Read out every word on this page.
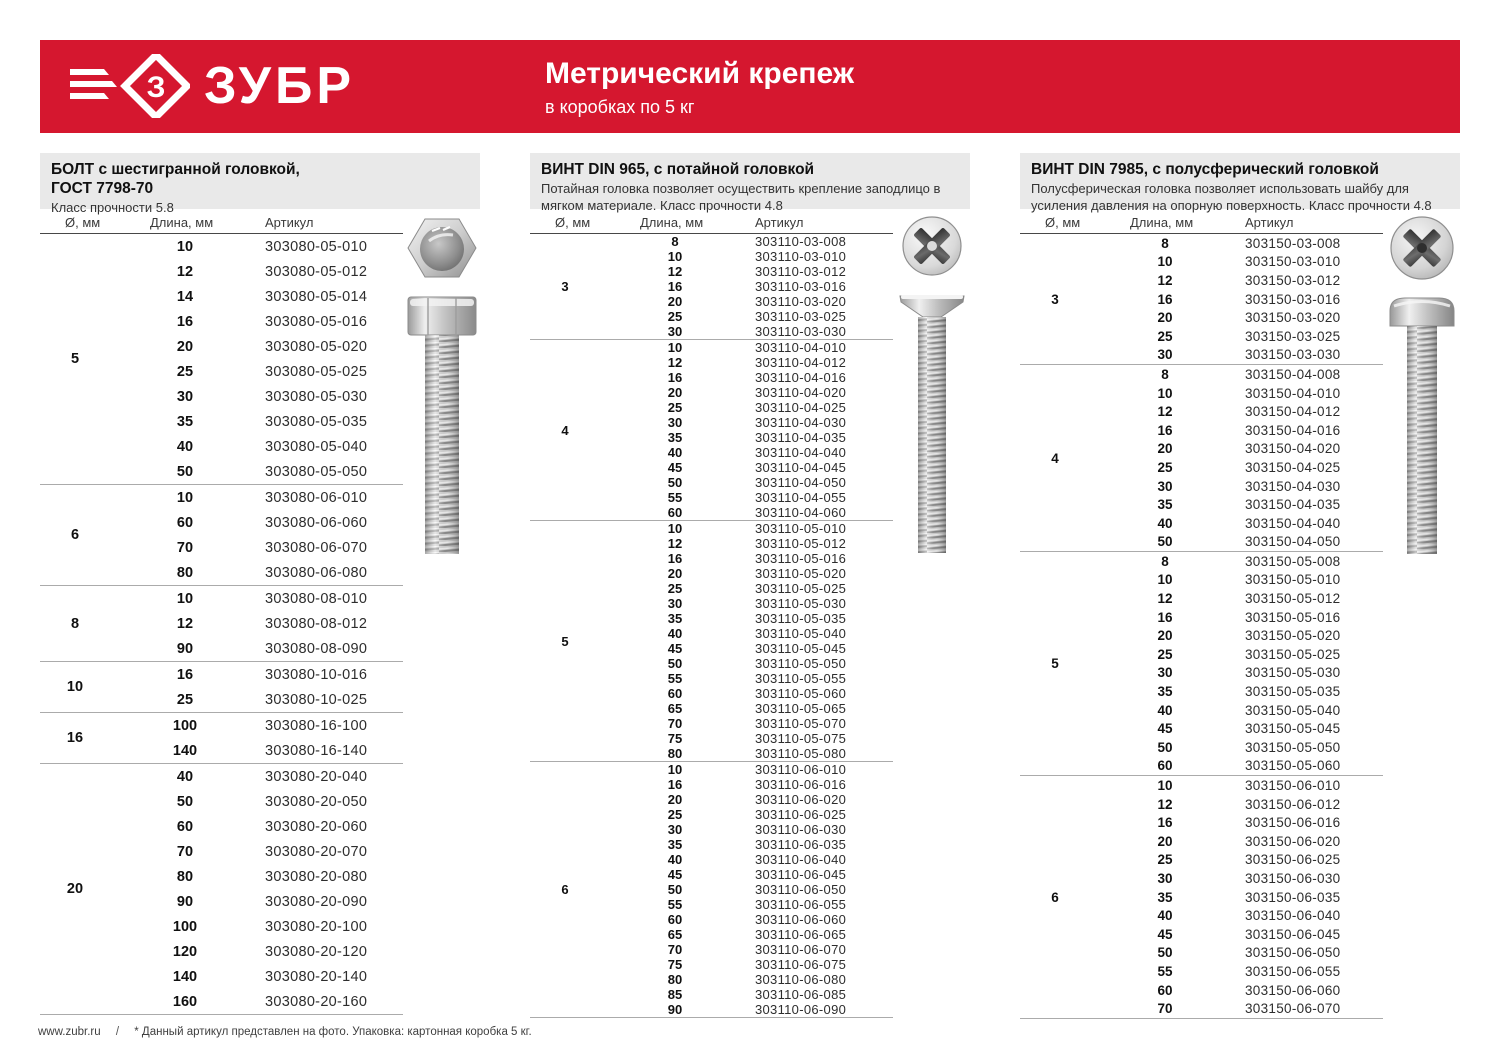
З ЗУБР	Метрический крепеж
в коробках по 5 кг
БОЛТ с шестигранной головкой,
ГОСТ 7798-70
Класс прочности 5.8
Ø, мм	Длина, мм	Артикул
5
10	303080-05-010
12	303080-05-012
14	303080-05-014
16	303080-05-016
20	303080-05-020
25	303080-05-025
30	303080-05-030
35	303080-05-035
40	303080-05-040
50	303080-05-050
6
10	303080-06-010
60	303080-06-060
70	303080-06-070
80	303080-06-080
8
10	303080-08-010
12	303080-08-012
90	303080-08-090
10
16	303080-10-016
25	303080-10-025
16
100	303080-16-100
140	303080-16-140
20
40	303080-20-040
50	303080-20-050
60	303080-20-060
70	303080-20-070
80	303080-20-080
90	303080-20-090
100	303080-20-100
120	303080-20-120
140	303080-20-140
160	303080-20-160
ВИНТ DIN 965, с потайной головкой
Потайная головка позволяет осуществить крепление заподлицо в мягком материале. Класс прочности 4.8
Ø, мм	Длина, мм	Артикул
3
8	303110-03-008
10	303110-03-010
12	303110-03-012
16	303110-03-016
20	303110-03-020
25	303110-03-025
30	303110-03-030
4
10	303110-04-010
12	303110-04-012
16	303110-04-016
20	303110-04-020
25	303110-04-025
30	303110-04-030
35	303110-04-035
40	303110-04-040
45	303110-04-045
50	303110-04-050
55	303110-04-055
60	303110-04-060
5
10	303110-05-010
12	303110-05-012
16	303110-05-016
20	303110-05-020
25	303110-05-025
30	303110-05-030
35	303110-05-035
40	303110-05-040
45	303110-05-045
50	303110-05-050
55	303110-05-055
60	303110-05-060
65	303110-05-065
70	303110-05-070
75	303110-05-075
80	303110-05-080
6
10	303110-06-010
16	303110-06-016
20	303110-06-020
25	303110-06-025
30	303110-06-030
35	303110-06-035
40	303110-06-040
45	303110-06-045
50	303110-06-050
55	303110-06-055
60	303110-06-060
65	303110-06-065
70	303110-06-070
75	303110-06-075
80	303110-06-080
85	303110-06-085
90	303110-06-090
ВИНТ DIN 7985, с полусферический головкой
Полусферическая головка позволяет использовать шайбу для усиления давления на опорную поверхность. Класс прочности 4.8
Ø, мм	Длина, мм	Артикул
3
8	303150-03-008
10	303150-03-010
12	303150-03-012
16	303150-03-016
20	303150-03-020
25	303150-03-025
30	303150-03-030
4
8	303150-04-008
10	303150-04-010
12	303150-04-012
16	303150-04-016
20	303150-04-020
25	303150-04-025
30	303150-04-030
35	303150-04-035
40	303150-04-040
50	303150-04-050
5
8	303150-05-008
10	303150-05-010
12	303150-05-012
16	303150-05-016
20	303150-05-020
25	303150-05-025
30	303150-05-030
35	303150-05-035
40	303150-05-040
45	303150-05-045
50	303150-05-050
60	303150-05-060
6
10	303150-06-010
12	303150-06-012
16	303150-06-016
20	303150-06-020
25	303150-06-025
30	303150-06-030
35	303150-06-035
40	303150-06-040
45	303150-06-045
50	303150-06-050
55	303150-06-055
60	303150-06-060
70	303150-06-070
www.zubr.ru / * Данный артикул представлен на фото. Упаковка: картонная коробка 5 кг.
